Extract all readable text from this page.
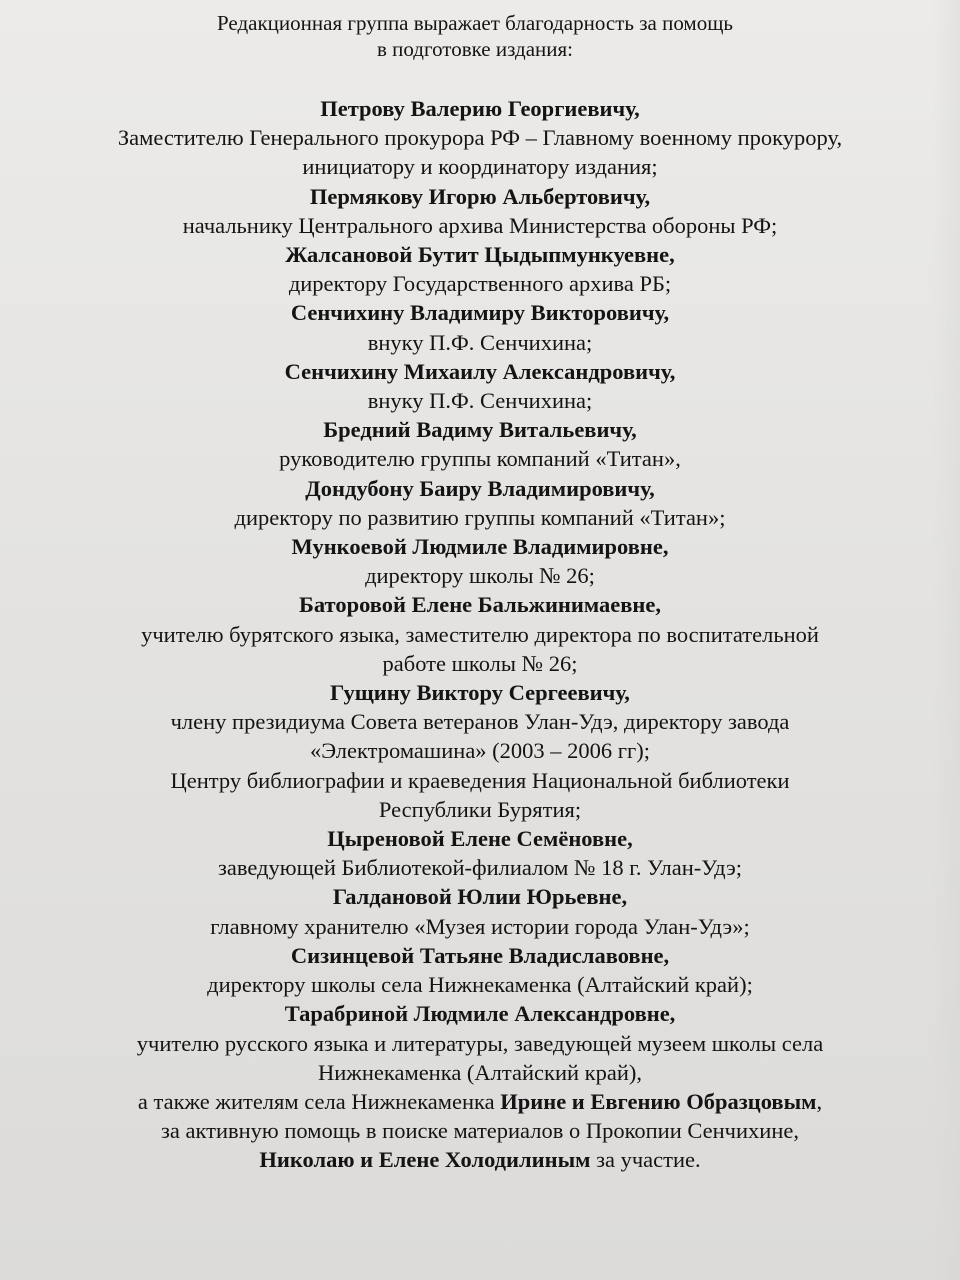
Редакционная группа выражает благодарность за помощь
в подготовке издания:
Петрову Валерию Георгиевичу,
Заместителю Генерального прокурора РФ – Главному военному прокурору,
инициатору и координатору издания;
Пермякову Игорю Альбертовичу,
начальнику Центрального архива Министерства обороны РФ;
Жалсановой Бутит Цыдыпмункуевне,
директору Государственного архива РБ;
Сенчихину Владимиру Викторовичу,
внуку П.Ф. Сенчихина;
Сенчихину Михаилу Александровичу,
внуку П.Ф. Сенчихина;
Бредний Вадиму Витальевичу,
руководителю группы компаний «Титан»,
Дондубону Баиру Владимировичу,
директору по развитию группы компаний «Титан»;
Мункоевой Людмиле Владимировне,
директору школы № 26;
Баторовой Елене Бальжинимаевне,
учителю бурятского языка, заместителю директора по воспитательной
работе школы № 26;
Гущину Виктору Сергеевичу,
члену президиума Совета ветеранов Улан-Удэ, директору завода
«Электромашина» (2003 – 2006 гг);
Центру библиографии и краеведения Национальной библиотеки
Республики Бурятия;
Цыреновой Елене Семёновне,
заведующей Библиотекой-филиалом № 18 г. Улан-Удэ;
Галдановой Юлии Юрьевне,
главному хранителю «Музея истории города Улан-Удэ»;
Сизинцевой Татьяне Владиславовне,
директору школы села Нижнекаменка (Алтайский край);
Тарабриной Людмиле Александровне,
учителю русского языка и литературы, заведующей музеем школы села
Нижнекаменка (Алтайский край),
а также жителям села Нижнекаменка Ирине и Евгению Образцовым,
за активную помощь в поиске материалов о Прокопии Сенчихине,
Николаю и Елене Холодилиным за участие.
